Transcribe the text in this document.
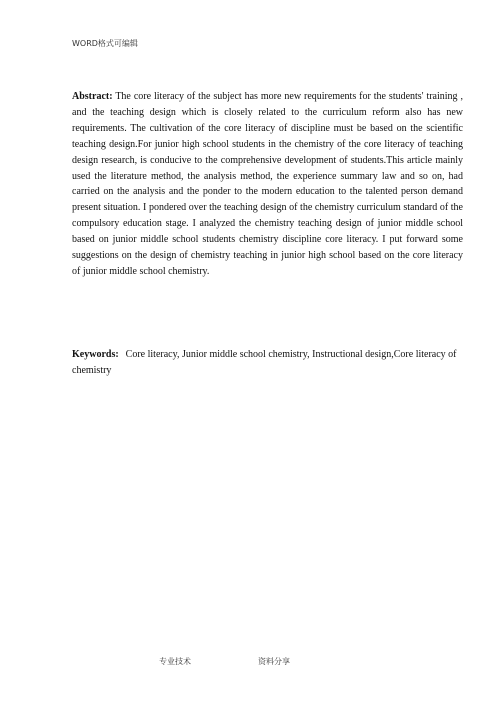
WORD格式可编辑
Abstract: The core literacy of the subject has more new requirements for the students' training , and the teaching design which is closely related to the curriculum reform also has new requirements. The cultivation of the core literacy of discipline must be based on the scientific teaching design.For junior high school students in the chemistry of the core literacy of teaching design research, is conducive to the comprehensive development of students.This article mainly used the literature method, the analysis method, the experience summary law and so on, had carried on the analysis and the ponder to the modern education to the talented person demand present situation. I pondered over the teaching design of the chemistry curriculum standard of the compulsory education stage. I analyzed the chemistry teaching design of junior middle school based on junior middle school students chemistry discipline core literacy. I put forward some suggestions on the design of chemistry teaching in junior high school based on the core literacy of junior middle school chemistry.
Keywords: Core literacy, Junior middle school chemistry, Instructional design,Core literacy of chemistry
专业技术	资料分享
